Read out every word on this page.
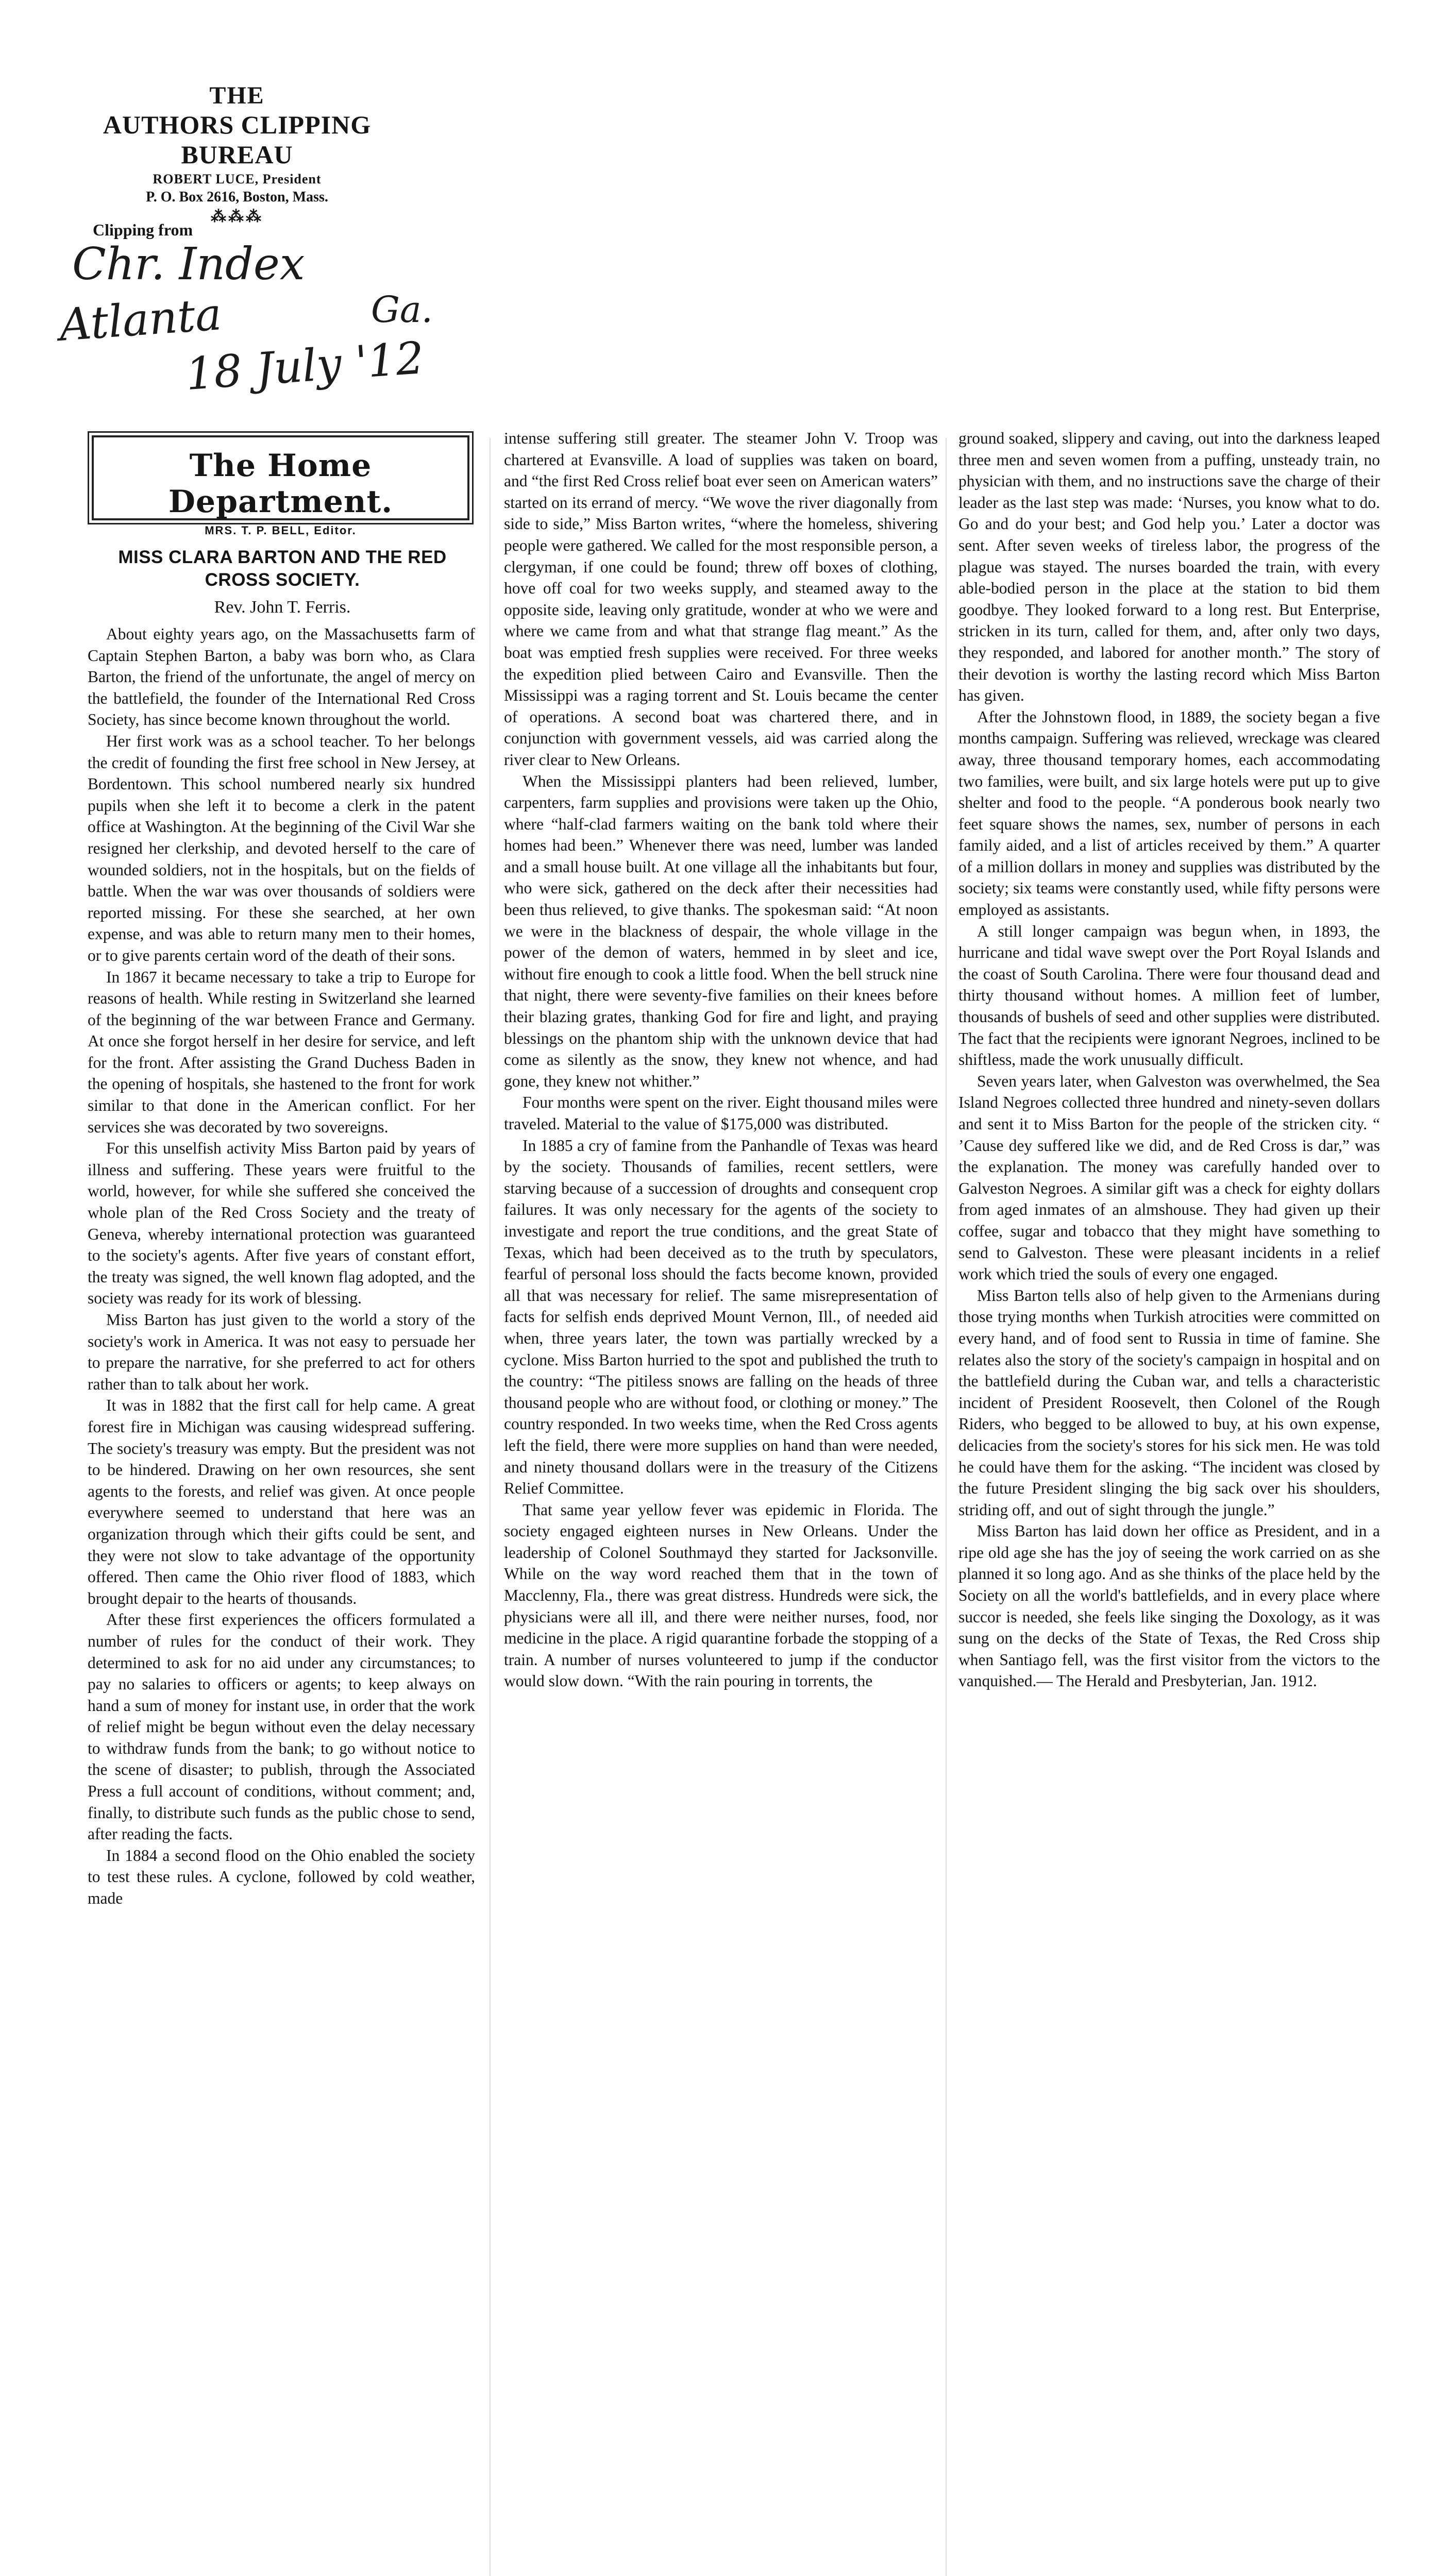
THE
AUTHORS CLIPPING BUREAU
ROBERT LUCE, President
P. O. Box 2616, Boston, Mass.
⁂⁂⁂
Clipping from
Chr. Index
Atlanta	Ga.
18 July '12
The Home Department.
MRS. T. P. BELL, Editor.
MISS CLARA BARTON AND THE RED CROSS SOCIETY.
Rev. John T. Ferris.

About eighty years ago, on the Massachusetts farm of Captain Stephen Barton, a baby was born who, as Clara Barton, the friend of the unfortunate, the angel of mercy on the battlefield, the founder of the International Red Cross Society, has since become known throughout the world.

Her first work was as a school teacher. To her belongs the credit of founding the first free school in New Jersey, at Bordentown. This school numbered nearly six hundred pupils when she left it to become a clerk in the patent office at Washington. At the beginning of the Civil War she resigned her clerkship, and devoted herself to the care of wounded soldiers, not in the hospitals, but on the fields of battle. When the war was over thousands of soldiers were reported missing. For these she searched, at her own expense, and was able to return many men to their homes, or to give parents certain word of the death of their sons.

In 1867 it became necessary to take a trip to Europe for reasons of health. While resting in Switzerland she learned of the beginning of the war between France and Germany. At once she forgot herself in her desire for service, and left for the front. After assisting the Grand Duchess Baden in the opening of hospitals, she hastened to the front for work similar to that done in the American conflict. For her services she was decorated by two sovereigns.

For this unselfish activity Miss Barton paid by years of illness and suffering. These years were fruitful to the world, however, for while she suffered she conceived the whole plan of the Red Cross Society and the treaty of Geneva, whereby international protection was guaranteed to the society's agents. After five years of constant effort, the treaty was signed, the well known flag adopted, and the society was ready for its work of blessing.

Miss Barton has just given to the world a story of the society's work in America. It was not easy to persuade her to prepare the narrative, for she preferred to act for others rather than to talk about her work.

It was in 1882 that the first call for help came. A great forest fire in Michigan was causing widespread suffering. The society's treasury was empty. But the president was not to be hindered. Drawing on her own resources, she sent agents to the forests, and relief was given. At once people everywhere seemed to understand that here was an organization through which their gifts could be sent, and they were not slow to take advantage of the opportunity offered. Then came the Ohio river flood of 1883, which brought depair to the hearts of thousands.

After these first experiences the officers formulated a number of rules for the conduct of their work. They determined to ask for no aid under any circumstances; to pay no salaries to officers or agents; to keep always on hand a sum of money for instant use, in order that the work of relief might be begun without even the delay necessary to withdraw funds from the bank; to go without notice to the scene of disaster; to publish, through the Associated Press a full account of conditions, without comment; and, finally, to distribute such funds as the public chose to send, after reading the facts.

In 1884 a second flood on the Ohio enabled the society to test these rules. A cyclone, followed by cold weather, made

intense suffering still greater. The steamer John V. Troop was chartered at Evansville. A load of supplies was taken on board, and “the first Red Cross relief boat ever seen on American waters” started on its errand of mercy. “We wove the river diagonally from side to side,” Miss Barton writes, “where the homeless, shivering people were gathered. We called for the most responsible person, a clergyman, if one could be found; threw off boxes of clothing, hove off coal for two weeks supply, and steamed away to the opposite side, leaving only gratitude, wonder at who we were and where we came from and what that strange flag meant.” As the boat was emptied fresh supplies were received. For three weeks the expedition plied between Cairo and Evansville. Then the Mississippi was a raging torrent and St. Louis became the center of operations. A second boat was chartered there, and in conjunction with government vessels, aid was carried along the river clear to New Orleans.

When the Mississippi planters had been relieved, lumber, carpenters, farm supplies and provisions were taken up the Ohio, where “half-clad farmers waiting on the bank told where their homes had been.” Whenever there was need, lumber was landed and a small house built. At one village all the inhabitants but four, who were sick, gathered on the deck after their necessities had been thus relieved, to give thanks. The spokesman said: “At noon we were in the blackness of despair, the whole village in the power of the demon of waters, hemmed in by sleet and ice, without fire enough to cook a little food. When the bell struck nine that night, there were seventy-five families on their knees before their blazing grates, thanking God for fire and light, and praying blessings on the phantom ship with the unknown device that had come as silently as the snow, they knew not whence, and had gone, they knew not whither.”

Four months were spent on the river. Eight thousand miles were traveled. Material to the value of $175,000 was distributed.

In 1885 a cry of famine from the Panhandle of Texas was heard by the society. Thousands of families, recent settlers, were starving because of a succession of droughts and consequent crop failures. It was only necessary for the agents of the society to investigate and report the true conditions, and the great State of Texas, which had been deceived as to the truth by speculators, fearful of personal loss should the facts become known, provided all that was necessary for relief. The same misrepresentation of facts for selfish ends deprived Mount Vernon, Ill., of needed aid when, three years later, the town was partially wrecked by a cyclone. Miss Barton hurried to the spot and published the truth to the country: “The pitiless snows are falling on the heads of three thousand people who are without food, or clothing or money.” The country responded. In two weeks time, when the Red Cross agents left the field, there were more supplies on hand than were needed, and ninety thousand dollars were in the treasury of the Citizens Relief Committee.

That same year yellow fever was epidemic in Florida. The society engaged eighteen nurses in New Orleans. Under the leadership of Colonel Southmayd they started for Jacksonville. While on the way word reached them that in the town of Macclenny, Fla., there was great distress. Hundreds were sick, the physicians were all ill, and there were neither nurses, food, nor medicine in the place. A rigid quarantine forbade the stopping of a train. A number of nurses volunteered to jump if the conductor would slow down. “With the rain pouring in torrents, the

ground soaked, slippery and caving, out into the darkness leaped three men and seven women from a puffing, unsteady train, no physician with them, and no instructions save the charge of their leader as the last step was made: ‘Nurses, you know what to do. Go and do your best; and God help you.’ Later a doctor was sent. After seven weeks of tireless labor, the progress of the plague was stayed. The nurses boarded the train, with every able-bodied person in the place at the station to bid them goodbye. They looked forward to a long rest. But Enterprise, stricken in its turn, called for them, and, after only two days, they responded, and labored for another month.” The story of their devotion is worthy the lasting record which Miss Barton has given.

After the Johnstown flood, in 1889, the society began a five months campaign. Suffering was relieved, wreckage was cleared away, three thousand temporary homes, each accommodating two families, were built, and six large hotels were put up to give shelter and food to the people. “A ponderous book nearly two feet square shows the names, sex, number of persons in each family aided, and a list of articles received by them.” A quarter of a million dollars in money and supplies was distributed by the society; six teams were constantly used, while fifty persons were employed as assistants.

A still longer campaign was begun when, in 1893, the hurricane and tidal wave swept over the Port Royal Islands and the coast of South Carolina. There were four thousand dead and thirty thousand without homes. A million feet of lumber, thousands of bushels of seed and other supplies were distributed. The fact that the recipients were ignorant Negroes, inclined to be shiftless, made the work unusually difficult.

Seven years later, when Galveston was overwhelmed, the Sea Island Negroes collected three hundred and ninety-seven dollars and sent it to Miss Barton for the people of the stricken city. “ ’Cause dey suffered like we did, and de Red Cross is dar,” was the explanation. The money was carefully handed over to Galveston Negroes. A similar gift was a check for eighty dollars from aged inmates of an almshouse. They had given up their coffee, sugar and tobacco that they might have something to send to Galveston. These were pleasant incidents in a relief work which tried the souls of every one engaged.

Miss Barton tells also of help given to the Armenians during those trying months when Turkish atrocities were committed on every hand, and of food sent to Russia in time of famine. She relates also the story of the society's campaign in hospital and on the battlefield during the Cuban war, and tells a characteristic incident of President Roosevelt, then Colonel of the Rough Riders, who begged to be allowed to buy, at his own expense, delicacies from the society's stores for his sick men. He was told he could have them for the asking. “The incident was closed by the future President slinging the big sack over his shoulders, striding off, and out of sight through the jungle.”

Miss Barton has laid down her office as President, and in a ripe old age she has the joy of seeing the work carried on as she planned it so long ago. And as she thinks of the place held by the Society on all the world's battlefields, and in every place where succor is needed, she feels like singing the Doxology, as it was sung on the decks of the State of Texas, the Red Cross ship when Santiago fell, was the first visitor from the victors to the vanquished.— The Herald and Presbyterian, Jan. 1912.
